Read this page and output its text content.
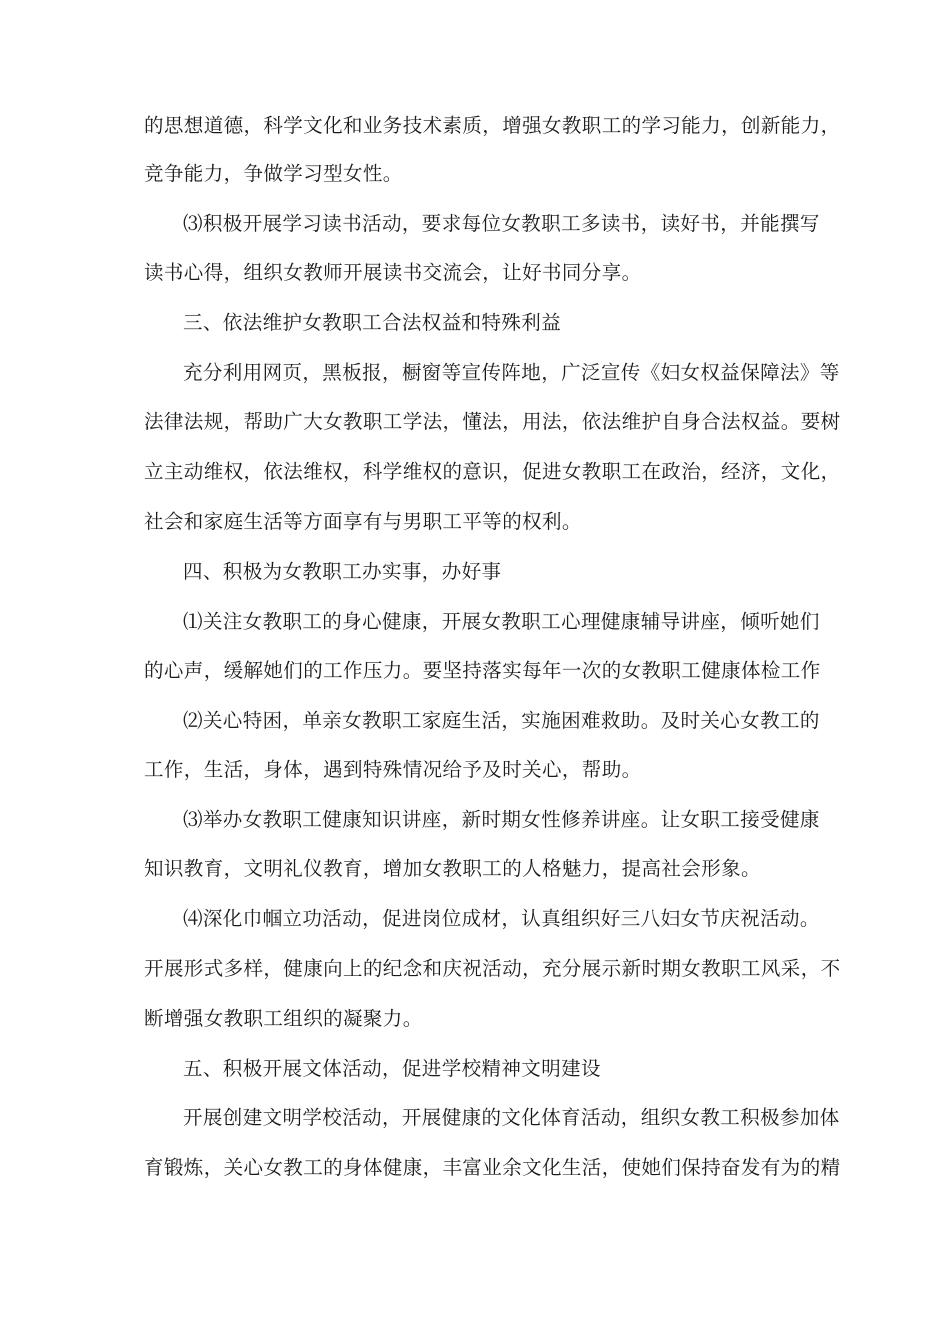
的思想道德，科学文化和业务技术素质，增强女教职工的学习能力，创新能力，
竞争能力，争做学习型女性。
⑶积极开展学习读书活动，要求每位女教职工多读书，读好书，并能撰写
读书心得，组织女教师开展读书交流会，让好书同分享。
三、依法维护女教职工合法权益和特殊利益
充分利用网页，黑板报，橱窗等宣传阵地，广泛宣传《妇女权益保障法》等
法律法规，帮助广大女教职工学法，懂法，用法，依法维护自身合法权益。要树
立主动维权，依法维权，科学维权的意识，促进女教职工在政治，经济，文化，
社会和家庭生活等方面享有与男职工平等的权利。
四、积极为女教职工办实事，办好事
⑴关注女教职工的身心健康，开展女教职工心理健康辅导讲座，倾听她们
的心声，缓解她们的工作压力。要坚持落实每年一次的女教职工健康体检工作
⑵关心特困，单亲女教职工家庭生活，实施困难救助。及时关心女教工的
工作，生活，身体，遇到特殊情况给予及时关心，帮助。
⑶举办女教职工健康知识讲座，新时期女性修养讲座。让女职工接受健康
知识教育，文明礼仪教育，增加女教职工的人格魅力，提高社会形象。
⑷深化巾帼立功活动，促进岗位成材，认真组织好三八妇女节庆祝活动。
开展形式多样，健康向上的纪念和庆祝活动，充分展示新时期女教职工风采，不
断增强女教职工组织的凝聚力。
五、积极开展文体活动，促进学校精神文明建设
开展创建文明学校活动，开展健康的文化体育活动，组织女教工积极参加体
育锻炼，关心女教工的身体健康，丰富业余文化生活，使她们保持奋发有为的精
